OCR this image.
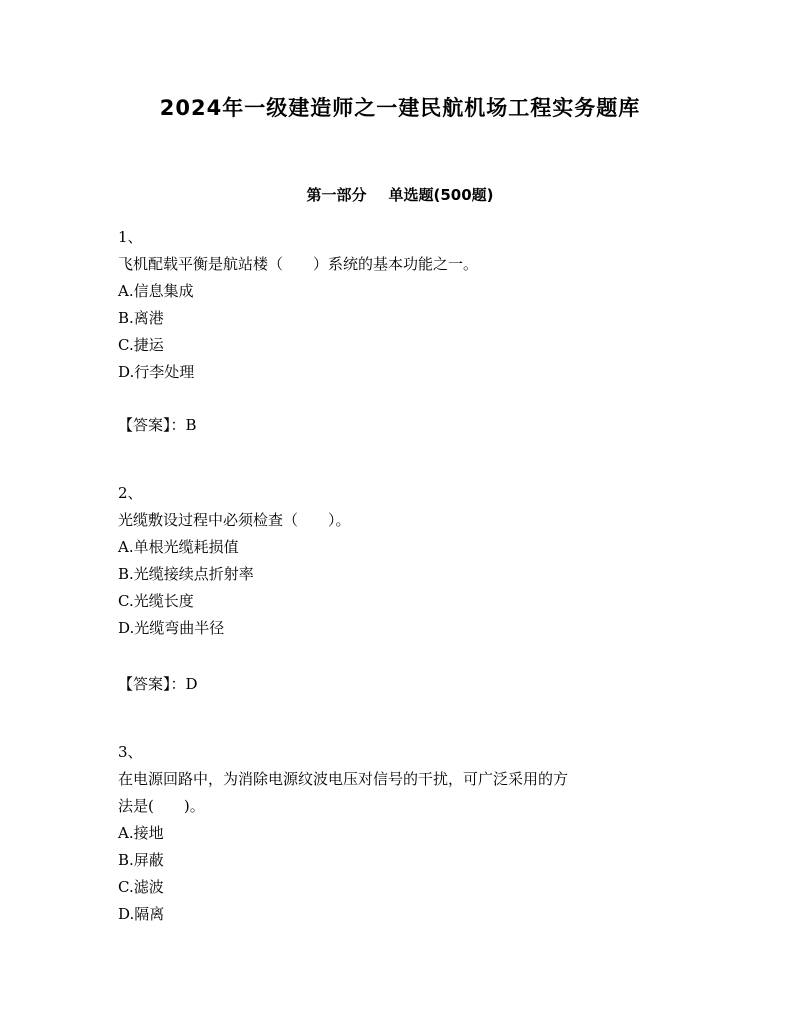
2024年一级建造师之一建民航机场工程实务题库
第一部分 单选题(500题)
1、
飞机配载平衡是航站楼（　　）系统的基本功能之一。
A.信息集成
B.离港
C.捷运
D.行李处理
【答案】：B
2、
光缆敷设过程中必须检查（　　）。
A.单根光缆耗损值
B.光缆接续点折射率
C.光缆长度
D.光缆弯曲半径
【答案】：D
3、
在电源回路中，为消除电源纹波电压对信号的干扰，可广泛采用的方
法是(　　)。
A.接地
B.屏蔽
C.滤波
D.隔离
